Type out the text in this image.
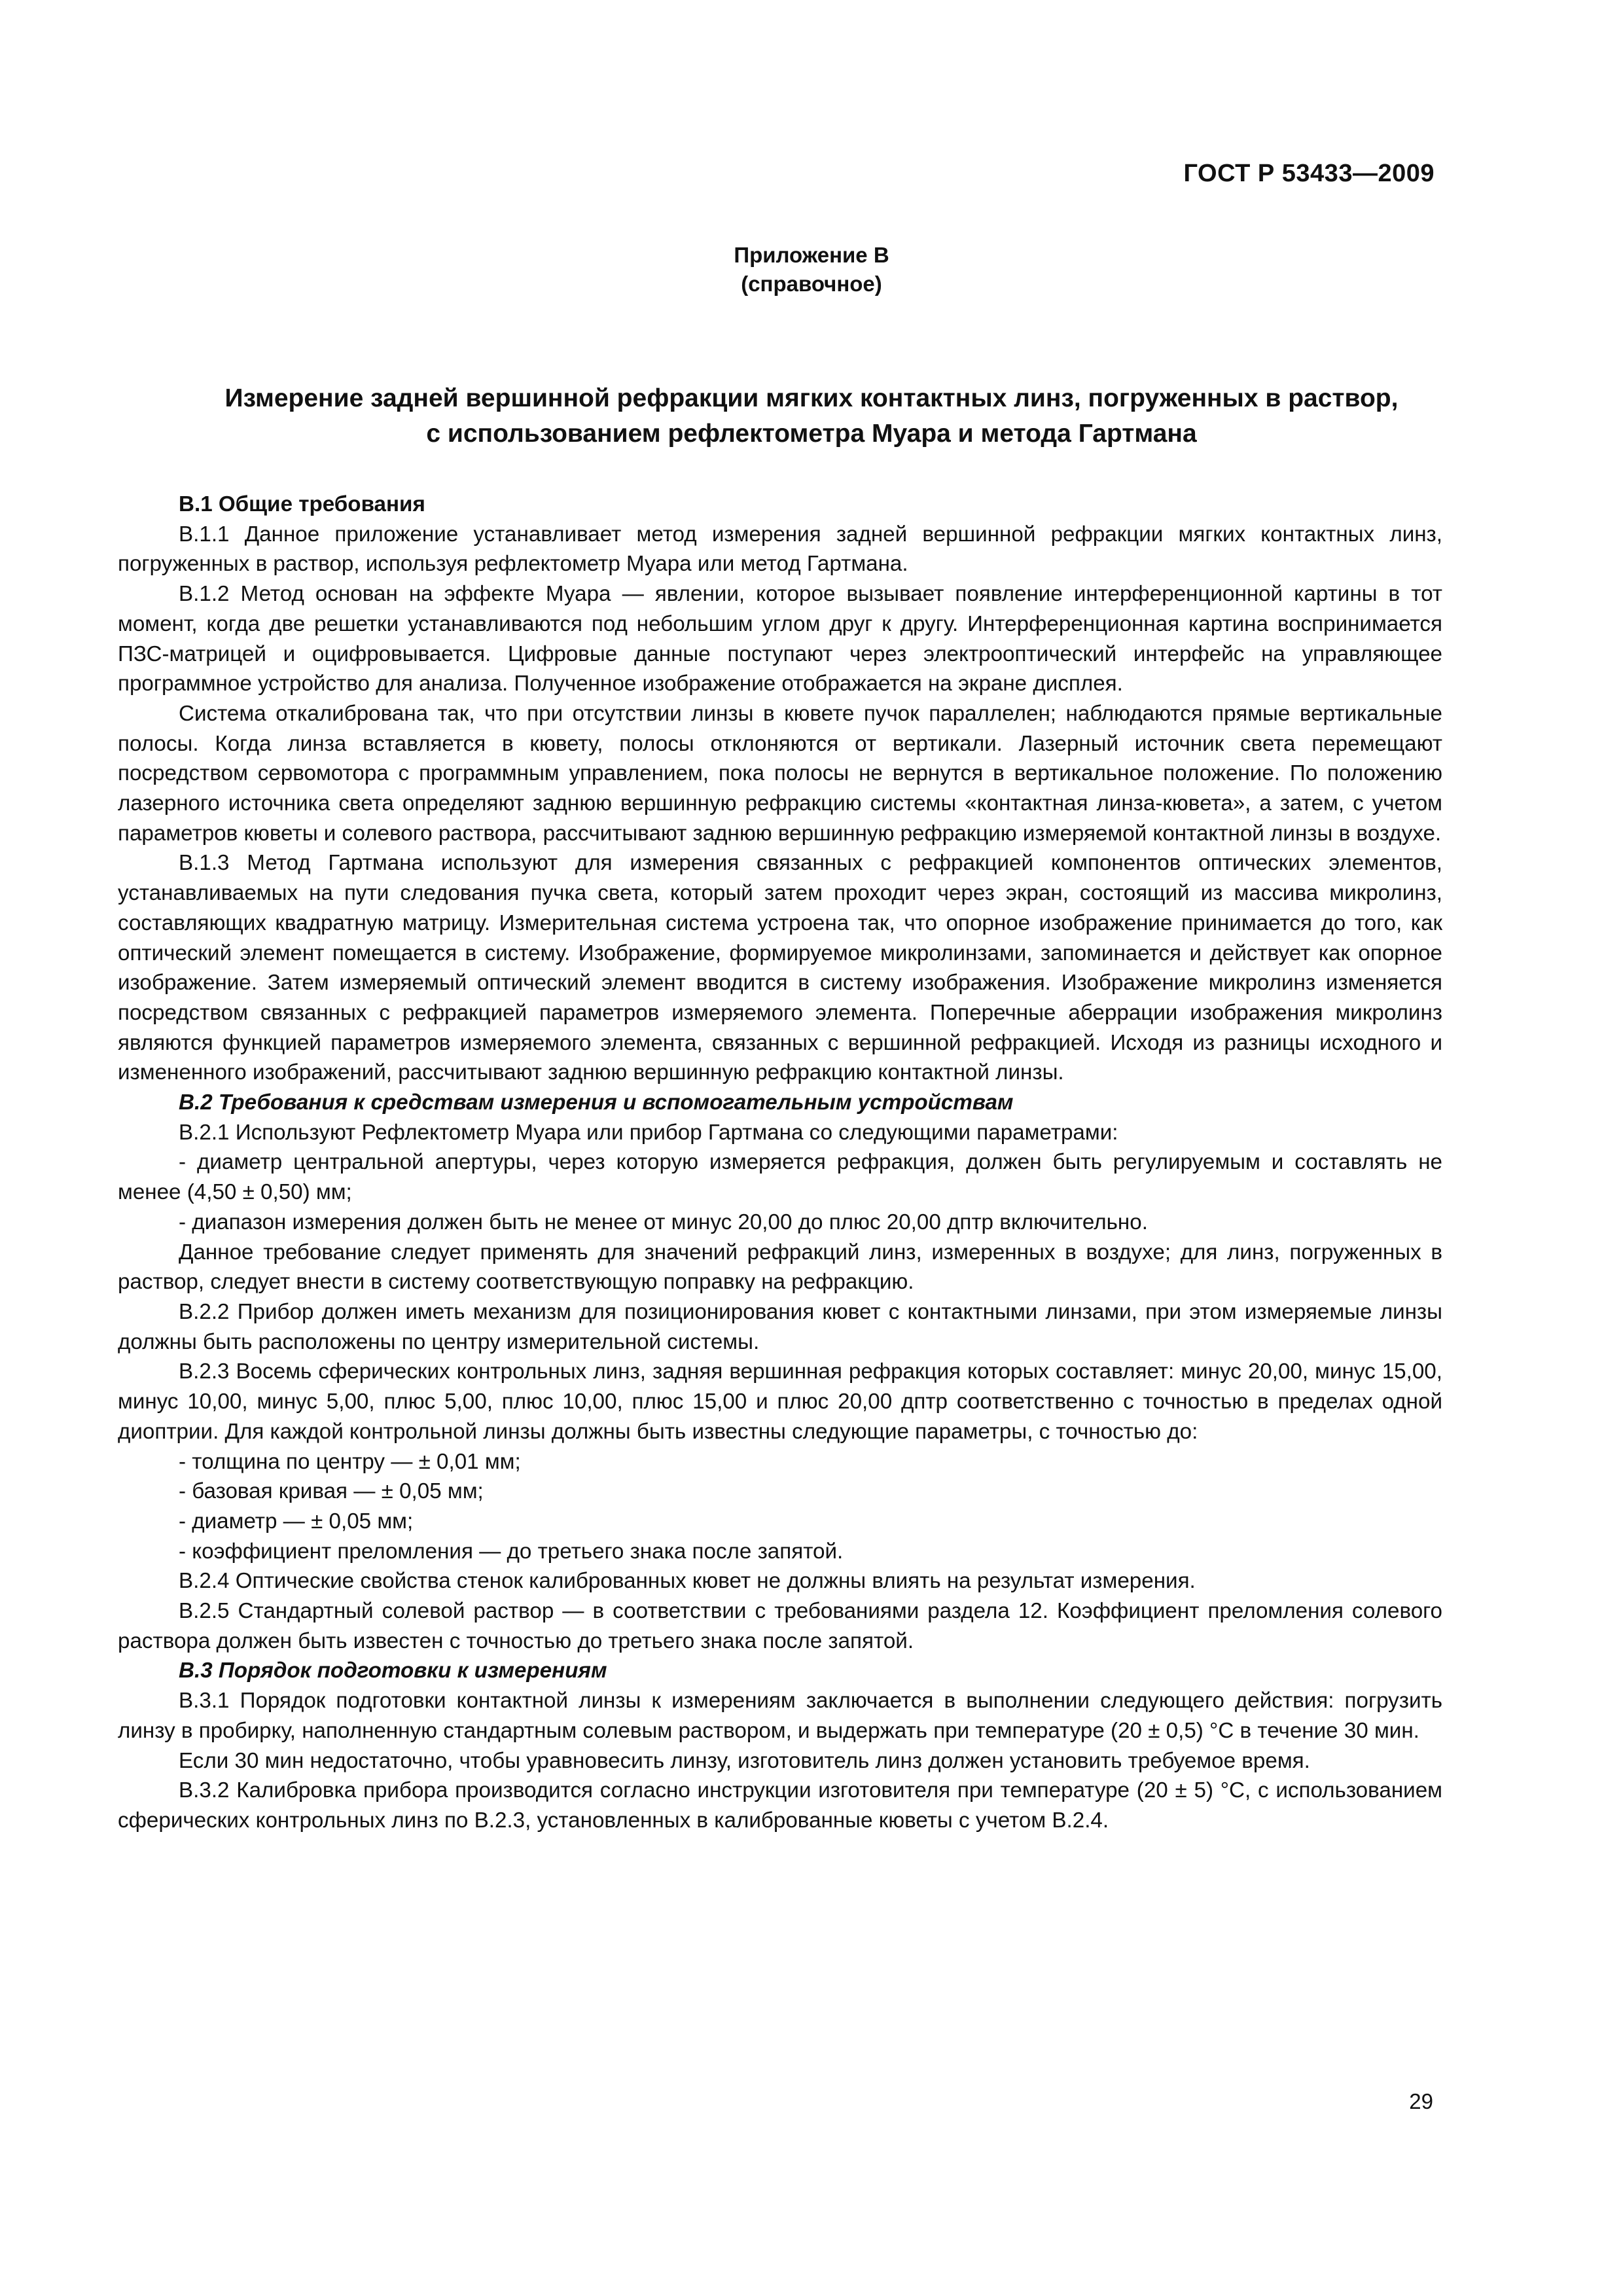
ГОСТ Р 53433—2009
Приложение В
(справочное)
Измерение задней вершинной рефракции мягких контактных линз, погруженных в раствор,
с использованием рефлектометра Муара и метода Гартмана
В.1 Общие требования

В.1.1 Данное приложение устанавливает метод измерения задней вершинной рефракции мягких контактных линз, погруженных в раствор, используя рефлектометр Муара или метод Гартмана.

В.1.2 Метод основан на эффекте Муара — явлении, которое вызывает появление интерференционной картины в тот момент, когда две решетки устанавливаются под небольшим углом друг к другу. Интерференционная картина воспринимается ПЗС-матрицей и оцифровывается. Цифровые данные поступают через электрооптический интерфейс на управляющее программное устройство для анализа. Полученное изображение отображается на экране дисплея.

Система откалибрована так, что при отсутствии линзы в кювете пучок параллелен; наблюдаются прямые вертикальные полосы. Когда линза вставляется в кювету, полосы отклоняются от вертикали. Лазерный источник света перемещают посредством сервомотора с программным управлением, пока полосы не вернутся в вертикальное положение. По положению лазерного источника света определяют заднюю вершинную рефракцию системы «контактная линза-кювета», а затем, с учетом параметров кюветы и солевого раствора, рассчитывают заднюю вершинную рефракцию измеряемой контактной линзы в воздухе.

В.1.3 Метод Гартмана используют для измерения связанных с рефракцией компонентов оптических элементов, устанавливаемых на пути следования пучка света, который затем проходит через экран, состоящий из массива микролинз, составляющих квадратную матрицу. Измерительная система устроена так, что опорное изображение принимается до того, как оптический элемент помещается в систему. Изображение, формируемое микролинзами, запоминается и действует как опорное изображение. Затем измеряемый оптический элемент вводится в систему изображения. Изображение микролинз изменяется посредством связанных с рефракцией параметров измеряемого элемента. Поперечные аберрации изображения микролинз являются функцией параметров измеряемого элемента, связанных с вершинной рефракцией. Исходя из разницы исходного и измененного изображений, рассчитывают заднюю вершинную рефракцию контактной линзы.

В.2 Требования к средствам измерения и вспомогательным устройствам

В.2.1 Используют Рефлектометр Муара или прибор Гартмана со следующими параметрами:

- диаметр центральной апертуры, через которую измеряется рефракция, должен быть регулируемым и составлять не менее (4,50 ± 0,50) мм;

- диапазон измерения должен быть не менее от минус 20,00 до плюс 20,00 дптр включительно.

Данное требование следует применять для значений рефракций линз, измеренных в воздухе; для линз, погруженных в раствор, следует внести в систему соответствующую поправку на рефракцию.

В.2.2 Прибор должен иметь механизм для позиционирования кювет с контактными линзами, при этом измеряемые линзы должны быть расположены по центру измерительной системы.

В.2.3 Восемь сферических контрольных линз, задняя вершинная рефракция которых составляет: минус 20,00, минус 15,00, минус 10,00, минус 5,00, плюс 5,00, плюс 10,00, плюс 15,00 и плюс 20,00 дптр соответственно с точностью в пределах одной диоптрии. Для каждой контрольной линзы должны быть известны следующие параметры, с точностью до:

- толщина по центру — ± 0,01 мм;

- базовая кривая — ± 0,05 мм;

- диаметр — ± 0,05 мм;

- коэффициент преломления — до третьего знака после запятой.

В.2.4 Оптические свойства стенок калиброванных кювет не должны влиять на результат измерения.

В.2.5 Стандартный солевой раствор — в соответствии с требованиями раздела 12. Коэффициент преломления солевого раствора должен быть известен с точностью до третьего знака после запятой.

В.3 Порядок подготовки к измерениям

В.3.1 Порядок подготовки контактной линзы к измерениям заключается в выполнении следующего действия: погрузить линзу в пробирку, наполненную стандартным солевым раствором, и выдержать при температуре (20 ± 0,5) °С в течение 30 мин.

Если 30 мин недостаточно, чтобы уравновесить линзу, изготовитель линз должен установить требуемое время.

В.3.2 Калибровка прибора производится согласно инструкции изготовителя при температуре (20 ± 5) °С, с использованием сферических контрольных линз по В.2.3, установленных в калиброванные кюветы с учетом В.2.4.

29
